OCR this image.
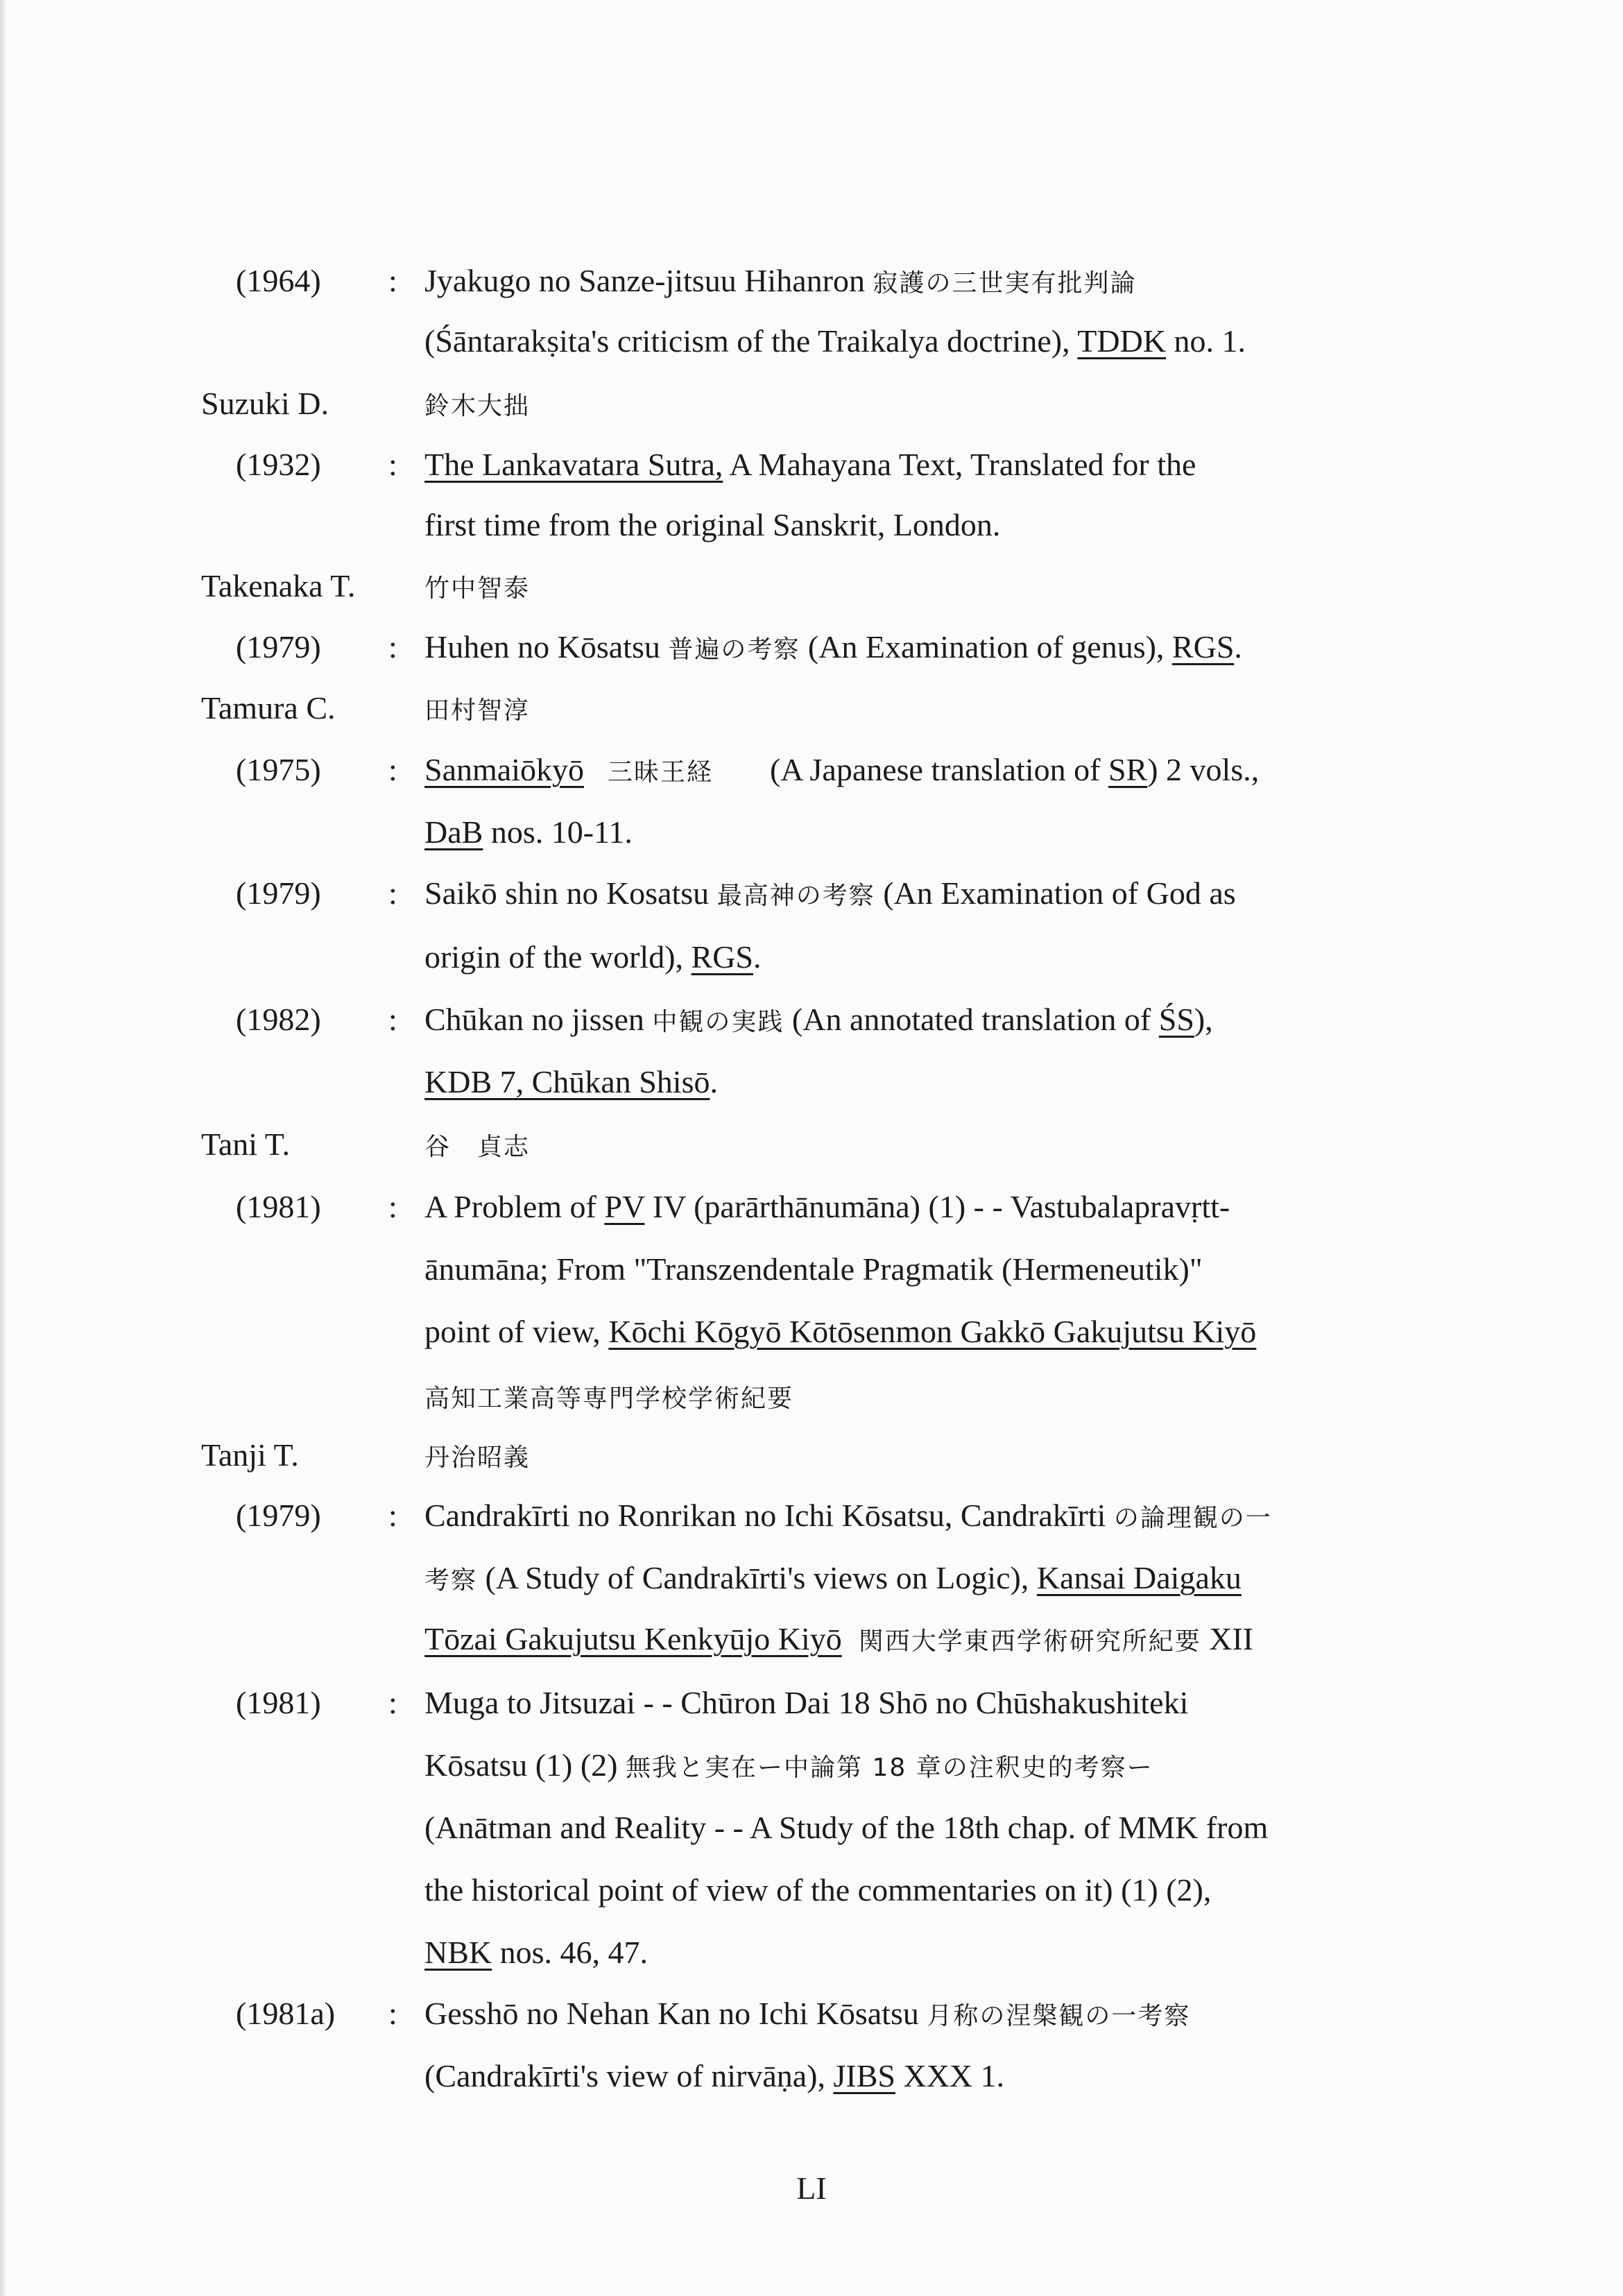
(1964) : Jyakugo no Sanze-jitsuu Hihanron 寂護の三世実有批判論
(Śāntarakṣita's criticism of the Traikalya doctrine), TDDK no. 1.
Suzuki D.	鈴木大拙
(1932) : The Lankavatara Sutra, A Mahayana Text, Translated for the
first time from the original Sanskrit, London.
Takenaka T.	竹中智泰
(1979) : Huhen no Kōsatsu 普遍の考察 (An Examination of genus), RGS.
Tamura C.	田村智淳
(1975) : Sanmaiōkyō 三昧王経 (A Japanese translation of SR) 2 vols.,
DaB nos. 10-11.
(1979) : Saikō shin no Kosatsu 最高神の考察 (An Examination of God as
origin of the world), RGS.
(1982) : Chūkan no jissen 中観の実践 (An annotated translation of ŚS),
KDB 7, Chūkan Shisō.
Tani T.	谷　貞志
(1981) : A Problem of PV IV (parārthānumāna) (1) - - Vastubalapravṛtt-
ānumāna; From "Transzendentale Pragmatik (Hermeneutik)"
point of view, Kōchi Kōgyō Kōtōsenmon Gakkō Gakujutsu Kiyō
高知工業高等専門学校学術紀要
Tanji T.	丹治昭義
(1979) : Candrakīrti no Ronrikan no Ichi Kōsatsu, Candrakīrti の論理観の一
考察 (A Study of Candrakīrti's views on Logic), Kansai Daigaku
Tōzai Gakujutsu Kenkyūjo Kiyō 関西大学東西学術研究所紀要 XII
(1981) : Muga to Jitsuzai - - Chūron Dai 18 Shō no Chūshakushiteki
Kōsatsu (1) (2) 無我と実在ー中論第 18 章の注釈史的考察ー
(Anātman and Reality - - A Study of the 18th chap. of MMK from
the historical point of view of the commentaries on it) (1) (2),
NBK nos. 46, 47.
(1981a) : Gesshō no Nehan Kan no Ichi Kōsatsu 月称の涅槃観の一考察
(Candrakīrti's view of nirvāṇa), JIBS XXX 1.
LI
